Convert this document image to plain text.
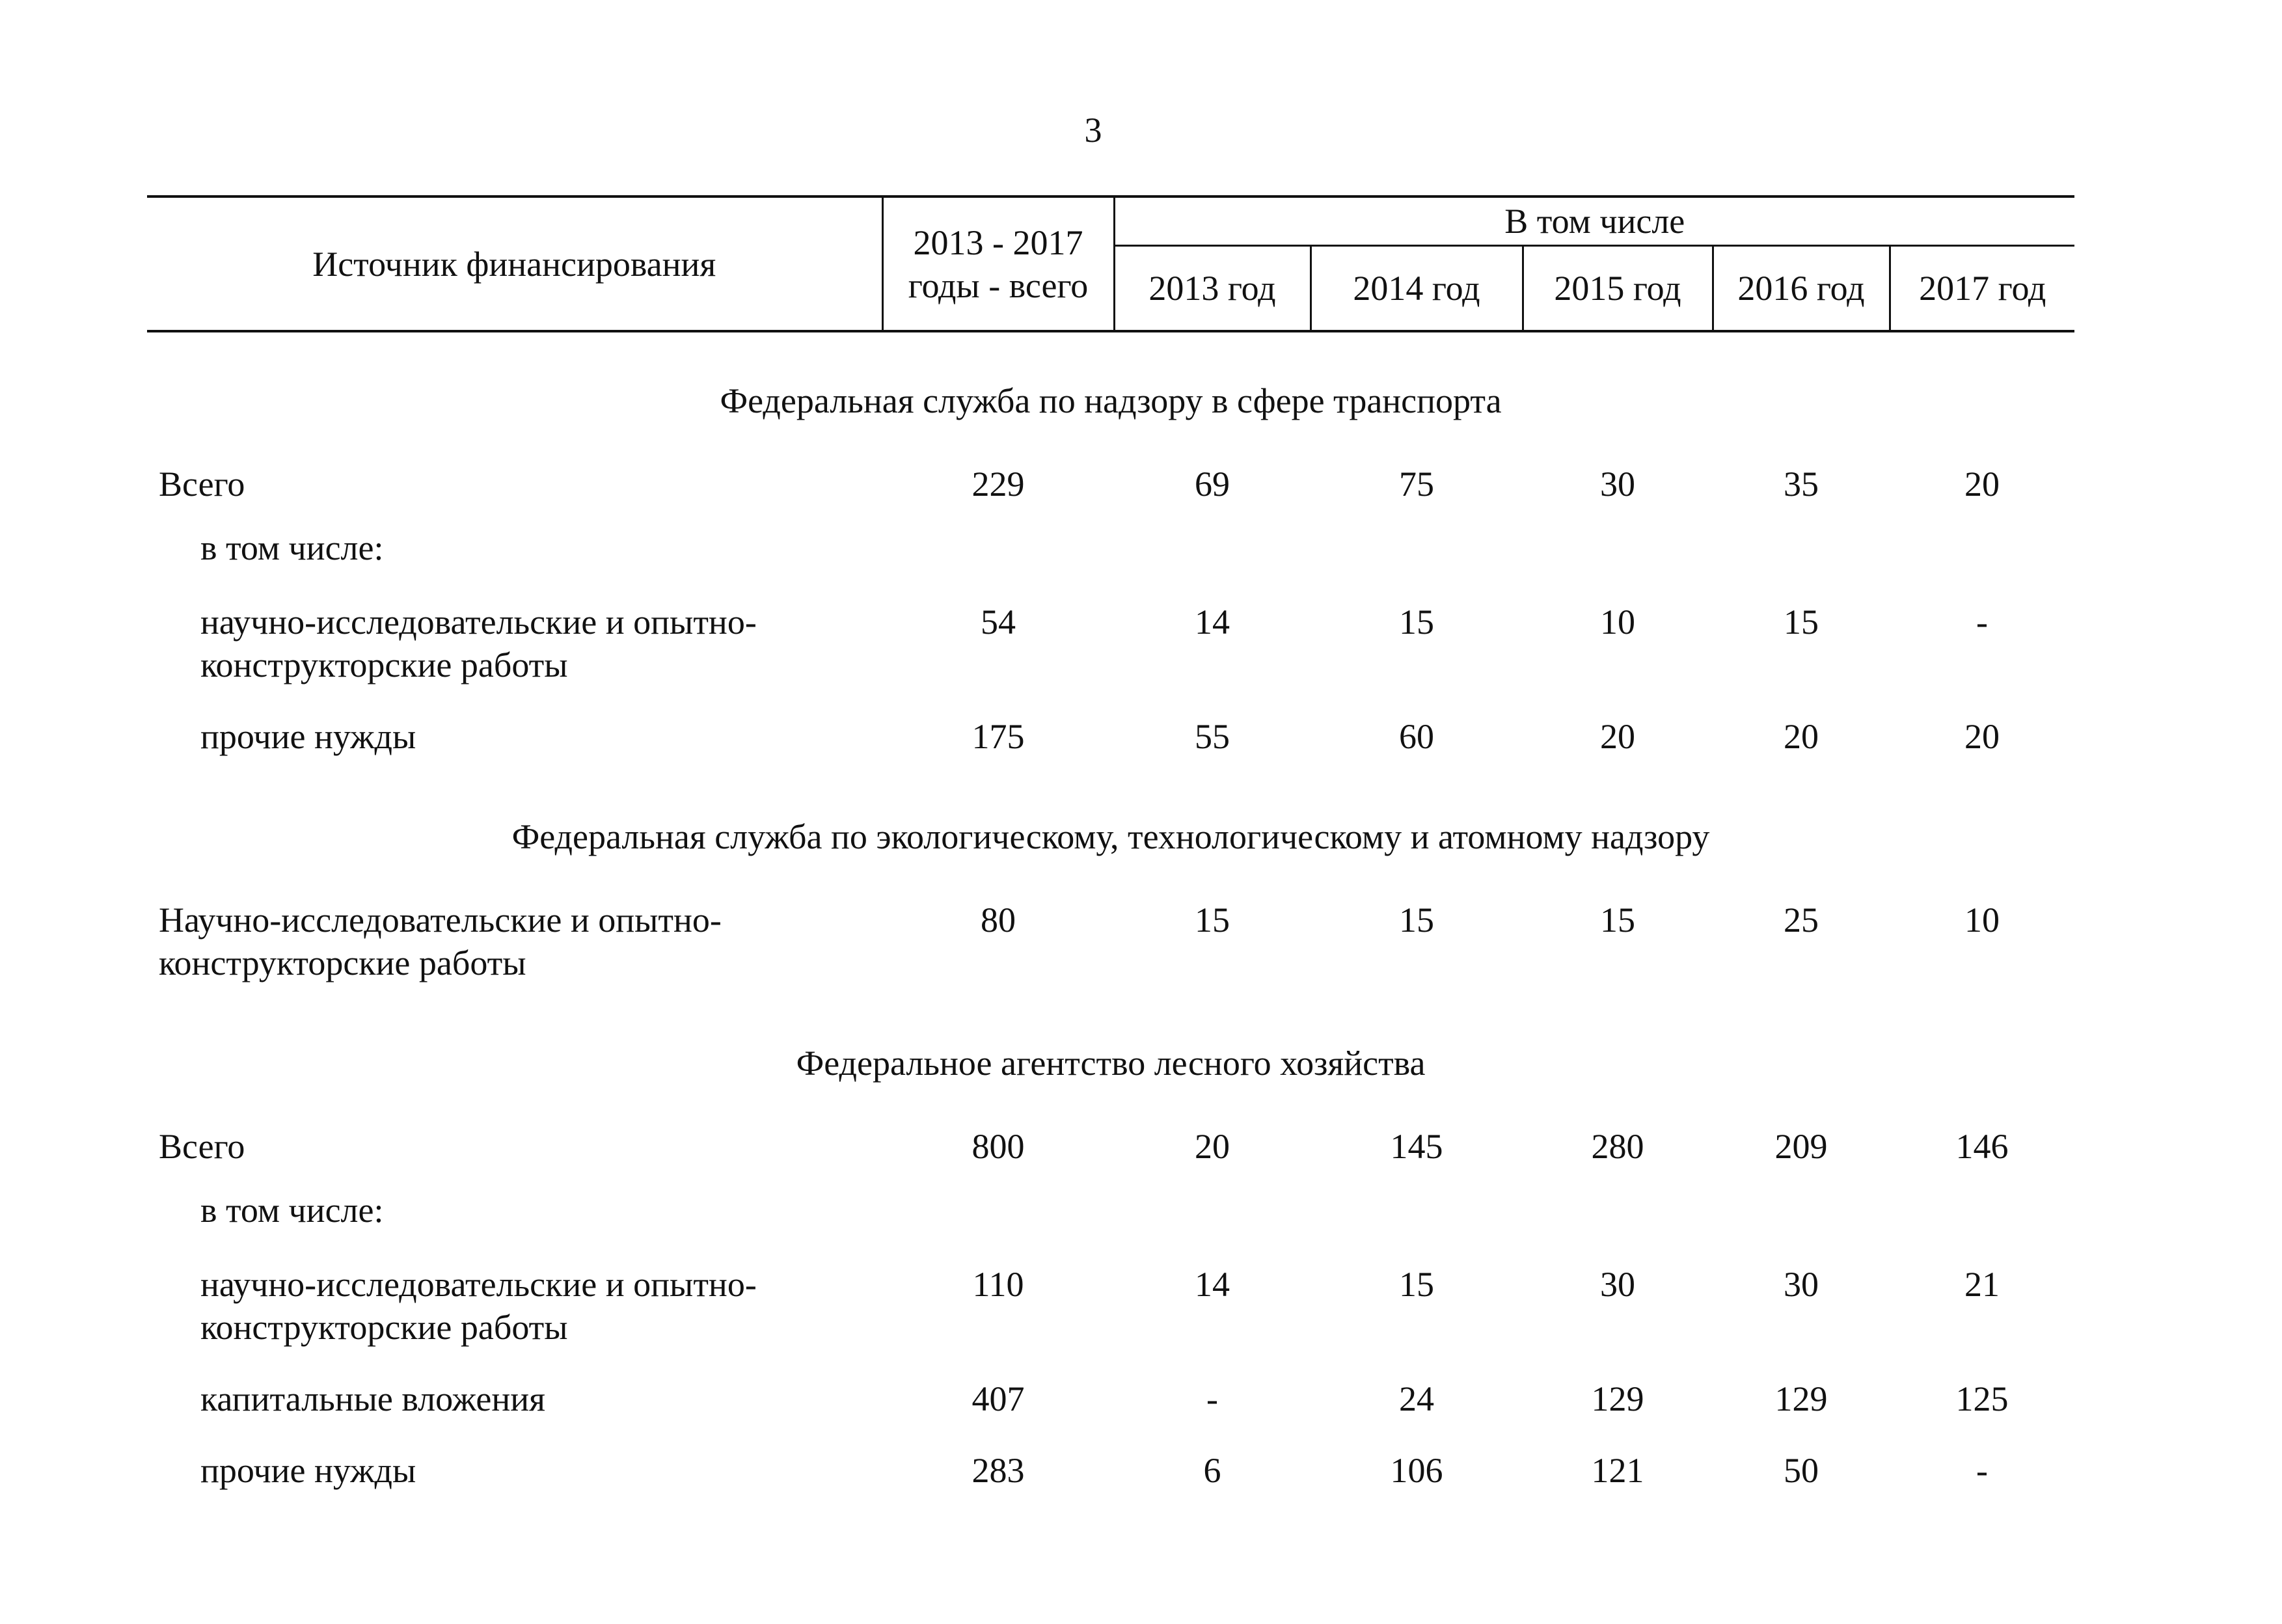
3
Источник финансирования	2013 - 2017 годы - всего	В том числе				
		2013 год	2014 год	2015 год	2016 год	2017 год
Федеральная служба по надзору в сфере транспорта						
Всего	229	69	75	30	35	20
в том числе:						
научно-исследовательские и опытно-конструкторские работы	54	14	15	10	15	-
прочие нужды	175	55	60	20	20	20
Федеральная служба по экологическому, технологическому и атомному надзору						
Научно-исследовательские и опытно-конструкторские работы	80	15	15	15	25	10
Федеральное агентство лесного хозяйства						
Всего	800	20	145	280	209	146
в том числе:						
научно-исследовательские и опытно-конструкторские работы	110	14	15	30	30	21
капитальные вложения	407	-	24	129	129	125
прочие нужды	283	6	106	121	50	-
